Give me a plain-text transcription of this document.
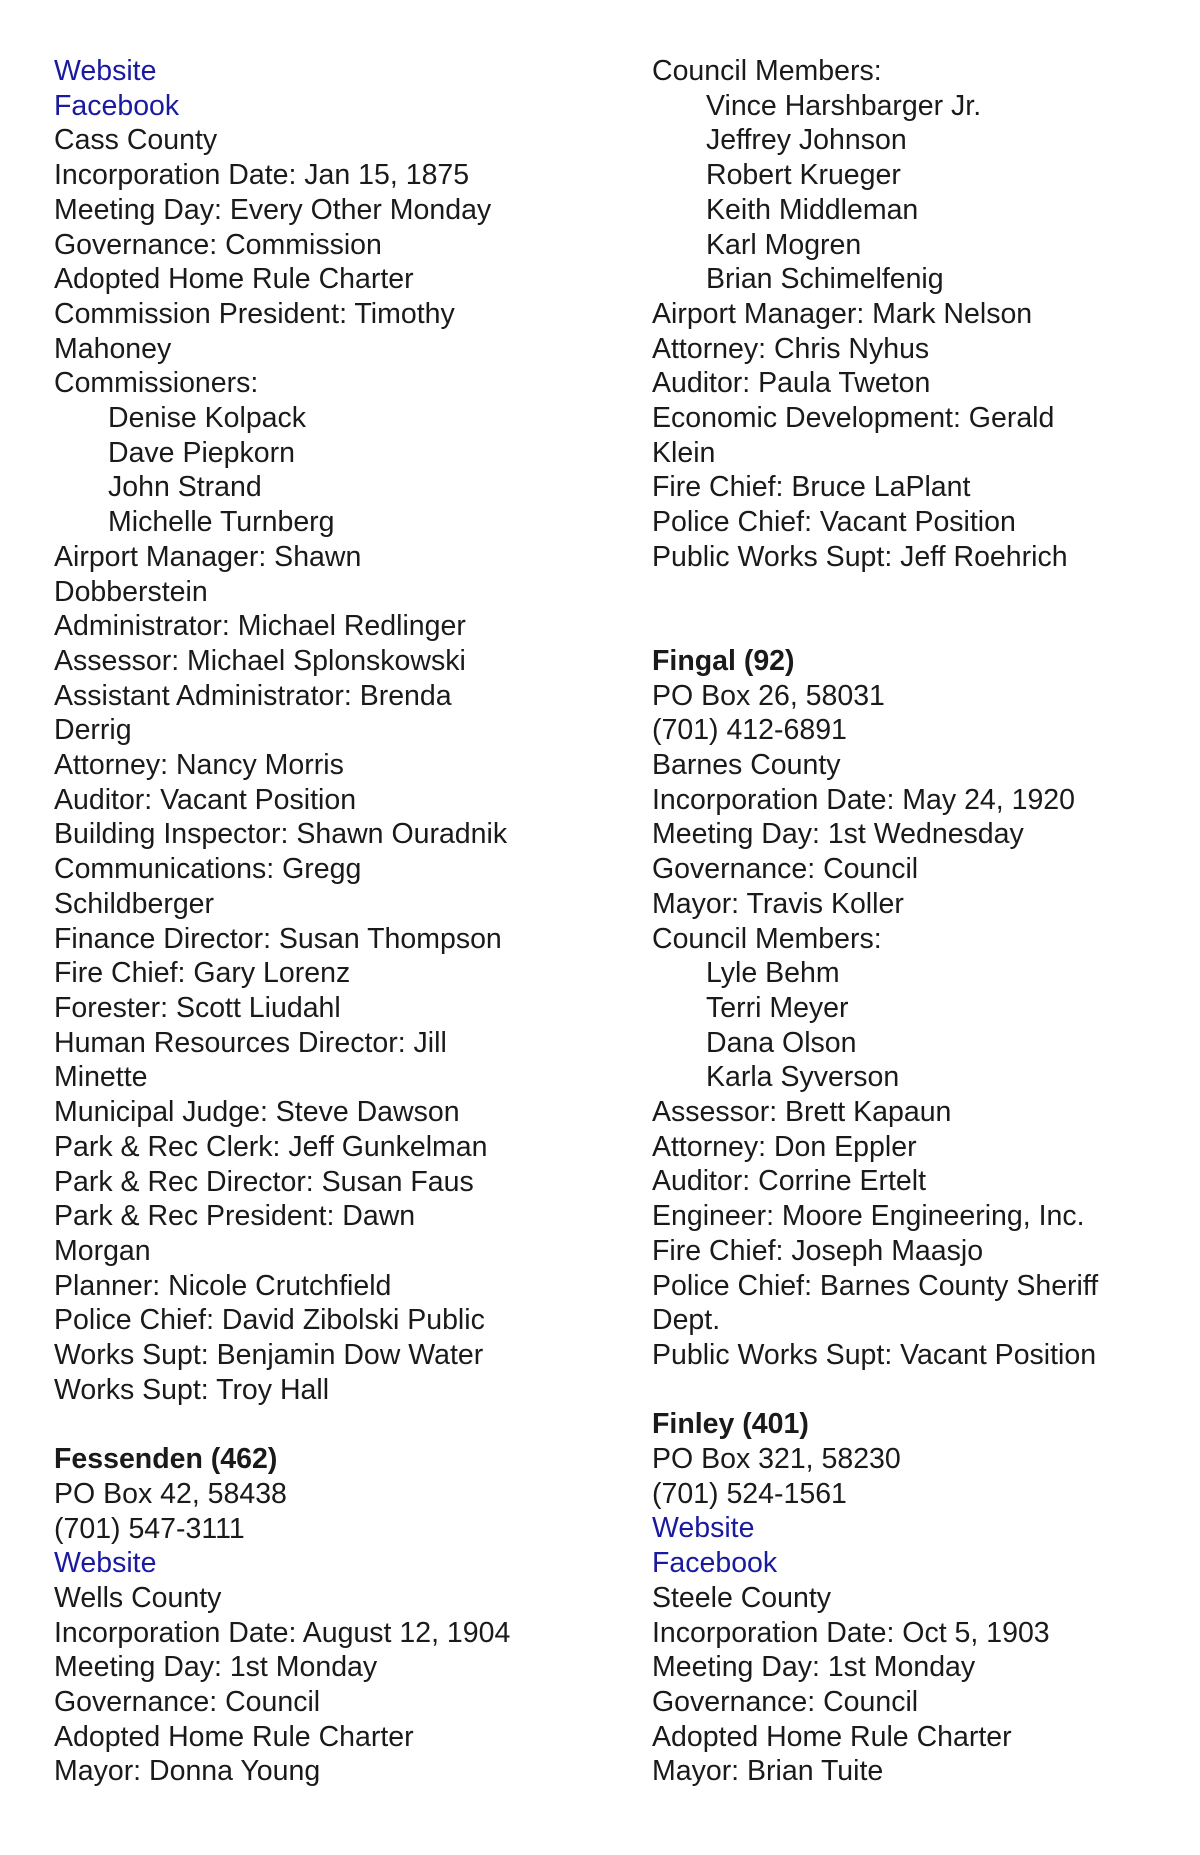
Website
Facebook
Cass County
Incorporation Date: Jan 15, 1875
Meeting Day: Every Other Monday
Governance: Commission
Adopted Home Rule Charter
Commission President: Timothy Mahoney
Commissioners:
Denise Kolpack
Dave Piepkorn
John Strand
Michelle Turnberg
Airport Manager: Shawn Dobberstein
Administrator: Michael Redlinger
Assessor: Michael Splonskowski
Assistant Administrator: Brenda Derrig
Attorney: Nancy Morris
Auditor: Vacant Position
Building Inspector: Shawn Ouradnik
Communications: Gregg Schildberger
Finance Director: Susan Thompson
Fire Chief: Gary Lorenz
Forester: Scott Liudahl
Human Resources Director: Jill Minette
Municipal Judge: Steve Dawson
Park & Rec Clerk: Jeff Gunkelman
Park & Rec Director: Susan Faus
Park & Rec President: Dawn Morgan
Planner: Nicole Crutchfield
Police Chief: David Zibolski Public Works Supt: Benjamin Dow Water Works Supt: Troy Hall
Fessenden (462)
PO Box 42, 58438
(701) 547-3111
Website
Wells County
Incorporation Date: August 12, 1904
Meeting Day: 1st Monday
Governance: Council
Adopted Home Rule Charter
Mayor: Donna Young
Council Members:
Vince Harshbarger Jr.
Jeffrey Johnson
Robert Krueger
Keith Middleman
Karl Mogren
Brian Schimelfenig
Airport Manager: Mark Nelson
Attorney: Chris Nyhus
Auditor: Paula Tweton
Economic Development: Gerald Klein
Fire Chief: Bruce LaPlant
Police Chief: Vacant Position
Public Works Supt: Jeff Roehrich
Fingal (92)
PO Box 26, 58031
(701) 412-6891
Barnes County
Incorporation Date: May 24, 1920
Meeting Day: 1st Wednesday
Governance: Council
Mayor: Travis Koller
Council Members:
Lyle Behm
Terri Meyer
Dana Olson
Karla Syverson
Assessor: Brett Kapaun
Attorney: Don Eppler
Auditor: Corrine Ertelt
Engineer: Moore Engineering, Inc.
Fire Chief: Joseph Maasjo
Police Chief: Barnes County Sheriff Dept.
Public Works Supt: Vacant Position
Finley (401)
PO Box 321, 58230
(701) 524-1561
Website
Facebook
Steele County
Incorporation Date: Oct 5, 1903
Meeting Day: 1st Monday
Governance: Council
Adopted Home Rule Charter
Mayor: Brian Tuite
